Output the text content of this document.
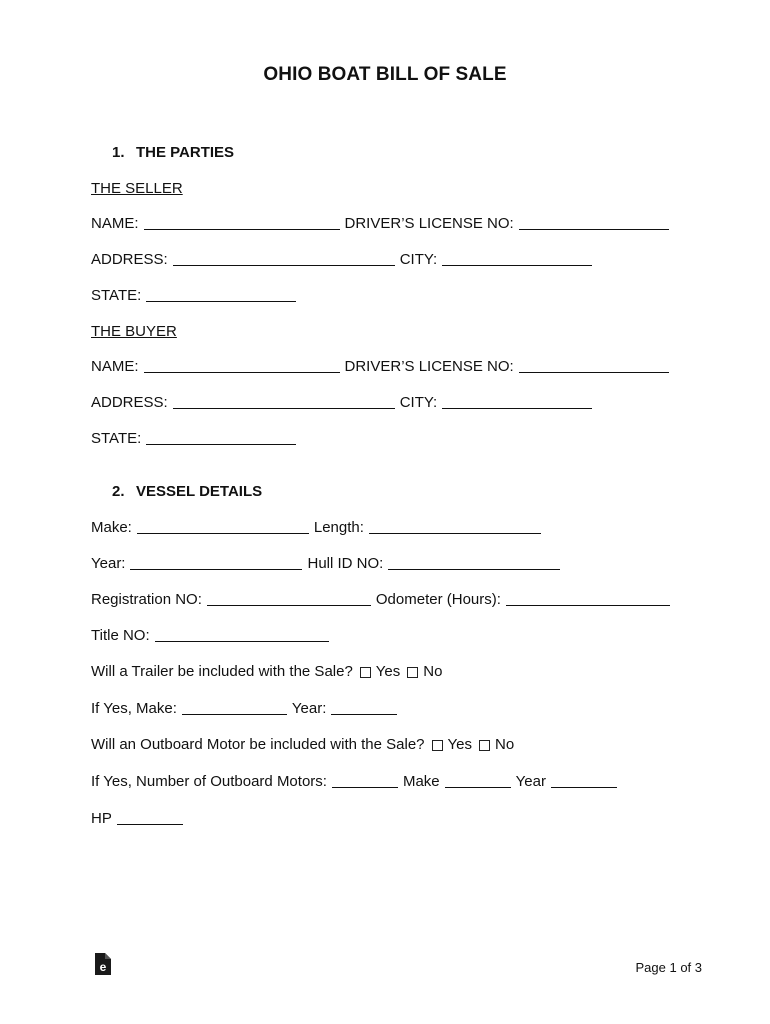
OHIO BOAT BILL OF SALE
1. THE PARTIES
THE SELLER
NAME:	DRIVER’S LICENSE NO:
ADDRESS:	CITY:
STATE:
THE BUYER
NAME:	DRIVER’S LICENSE NO:
ADDRESS:	CITY:
STATE:
2. VESSEL DETAILS
Make:	Length:
Year:	Hull ID NO:
Registration NO:	Odometer (Hours):
Title NO:
Will a Trailer be included with the Sale? Yes No
If Yes, Make:	Year:
Will an Outboard Motor be included with the Sale? Yes No
If Yes, Number of Outboard Motors:	Make	Year
HP
e	Page 1 of 3
